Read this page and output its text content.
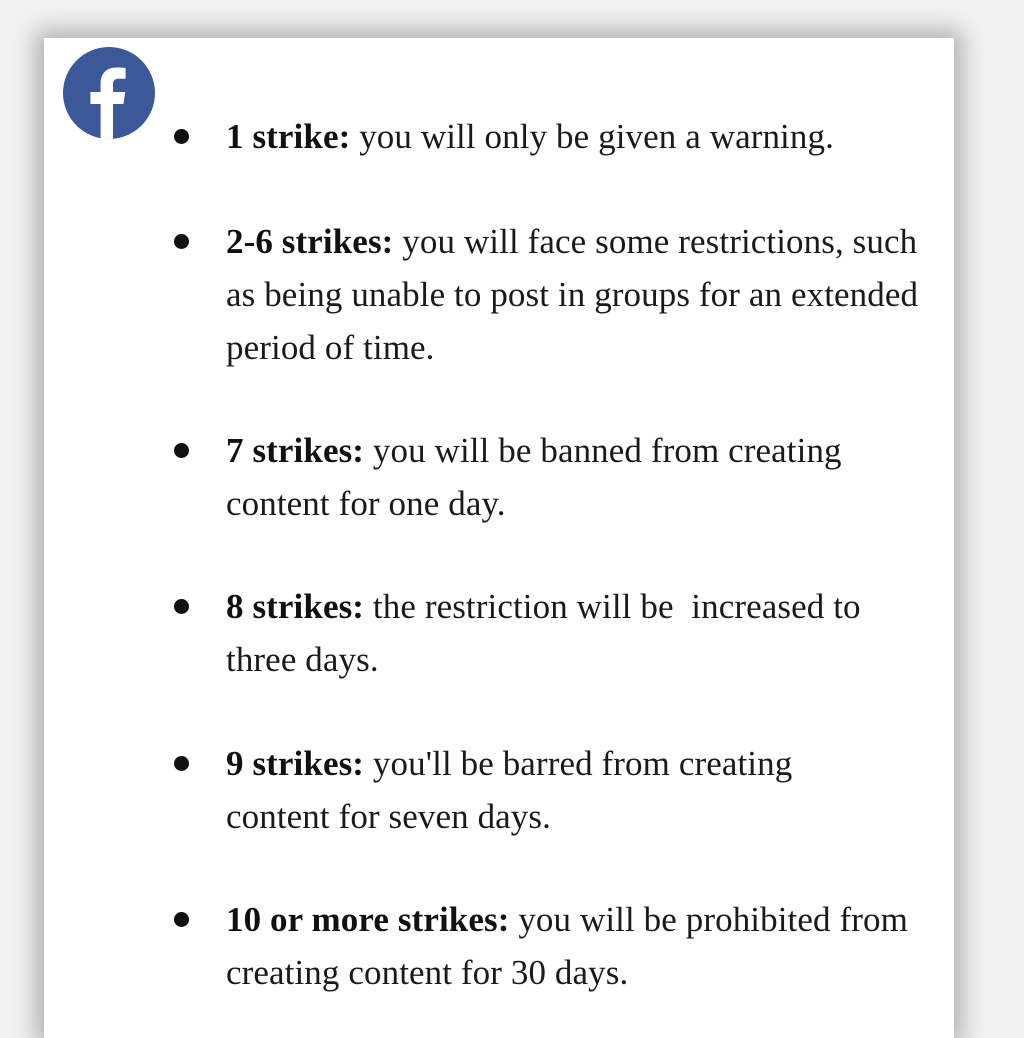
1 strike: you will only be given a warning.
2-6 strikes: you will face some restrictions, such as being unable to post in groups for an extended period of time.
7 strikes: you will be banned from creating content for one day.
8 strikes: the restriction will be  increased to three days.
9 strikes: you'll be barred from creating content for seven days.
10 or more strikes: you will be prohibited from creating content for 30 days.
